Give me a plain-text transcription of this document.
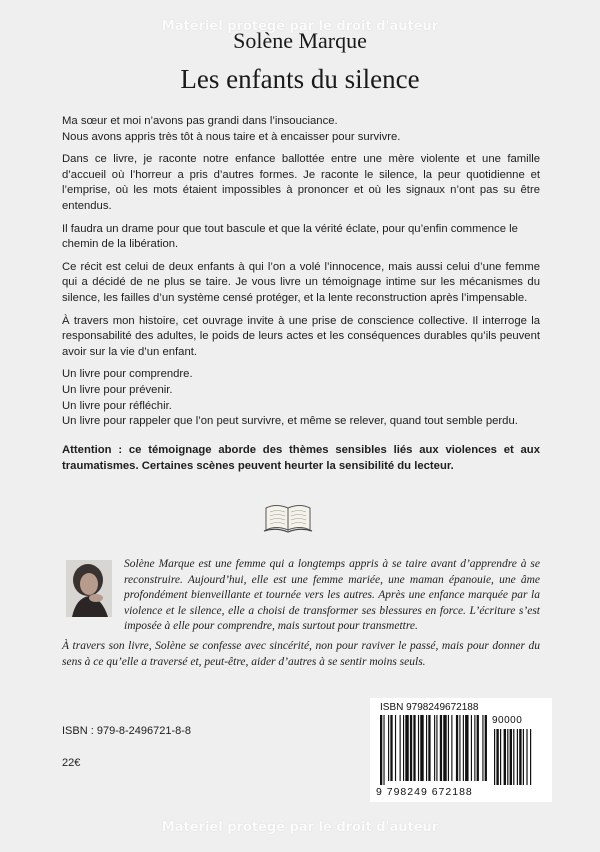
Matériel protégé par le droit d'auteur
Solène Marque
Les enfants du silence

Ma sœur et moi n’avons pas grandi dans l’insouciance.
Nous avons appris très tôt à nous taire et à encaisser pour survivre.

Dans ce livre, je raconte notre enfance ballottée entre une mère violente et une famille d’accueil où l’horreur a pris d’autres formes. Je raconte le silence, la peur quotidienne et l’emprise, où les mots étaient impossibles à prononcer et où les signaux n’ont pas su être entendus.

Il faudra un drame pour que tout bascule et que la vérité éclate, pour qu’enfin commence le chemin de la libération.

Ce récit est celui de deux enfants à qui l’on a volé l’innocence, mais aussi celui d’une femme qui a décidé de ne plus se taire. Je vous livre un témoignage intime sur les mécanismes du silence, les failles d’un système censé protéger, et la lente reconstruction après l’impensable.

À travers mon histoire, cet ouvrage invite à une prise de conscience collective. Il interroge la responsabilité des adultes, le poids de leurs actes et les conséquences durables qu’ils peuvent avoir sur la vie d’un enfant.

Un livre pour comprendre.
Un livre pour prévenir.
Un livre pour réfléchir.
Un livre pour rappeler que l’on peut survivre, et même se relever, quand tout semble perdu.

Attention : ce témoignage aborde des thèmes sensibles liés aux violences et aux traumatismes. Certaines scènes peuvent heurter la sensibilité du lecteur.
Solène Marque est une femme qui a longtemps appris à se taire avant d’apprendre à se reconstruire. Aujourd’hui, elle est une femme mariée, une maman épanouie, une âme profondément bienveillante et tournée vers les autres. Après une enfance marquée par la violence et le silence, elle a choisi de transformer ses blessures en force. L’écriture s’est imposée à elle pour comprendre, mais surtout pour transmettre.
À travers son livre, Solène se confesse avec sincérité, non pour raviver le passé, mais pour donner du sens à ce qu’elle a traversé et, peut-être, aider d’autres à se sentir moins seuls.
ISBN : 979-8-2496721-8-8
22€
ISBN 9798249672188
90000
9 798249 672188
Matériel protégé par le droit d'auteur
